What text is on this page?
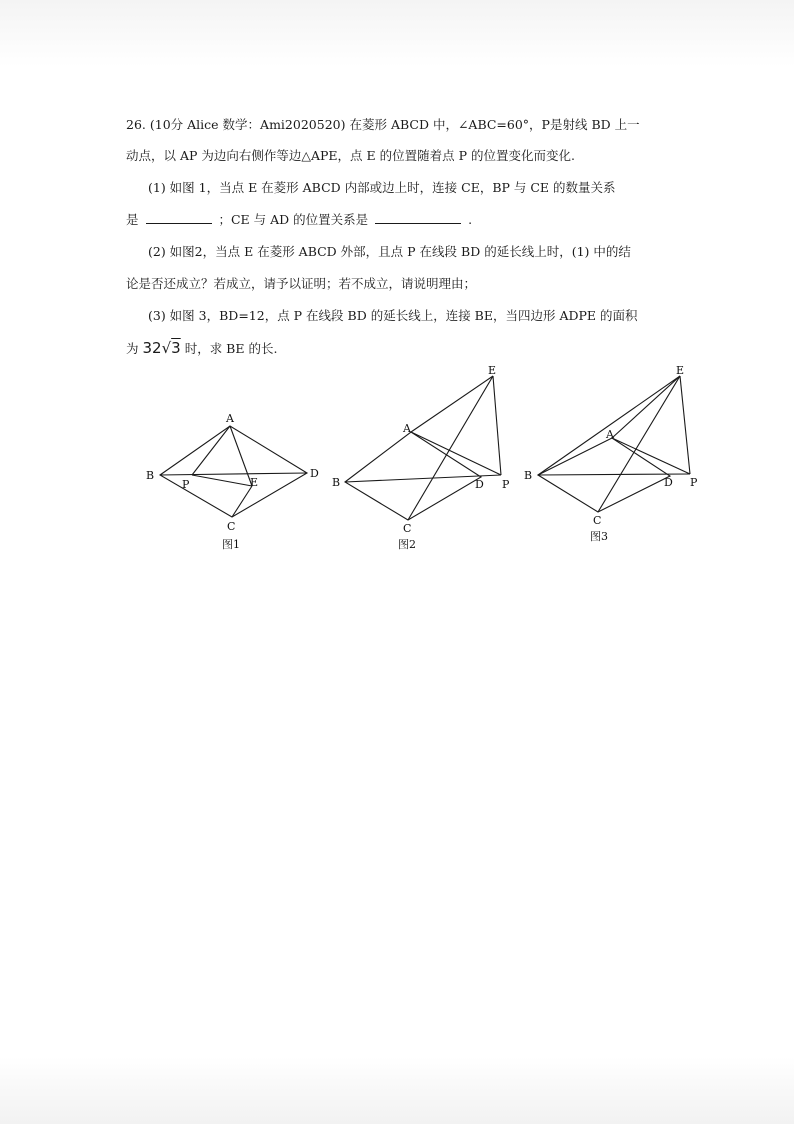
26. (10分 Alice 数学：Ami2020520) 在菱形 ABCD 中，∠ABC=60°，P是射线 BD 上一
动点，以 AP 为边向右侧作等边△APE，点 E 的位置随着点 P 的位置变化而变化.
(1) 如图 1，当点 E 在菱形 ABCD 内部或边上时，连接 CE，BP 与 CE 的数量关系
是	；CE 与 AD 的位置关系是	.
(2) 如图2，当点 E 在菱形 ABCD 外部，且点 P 在线段 BD 的延长线上时，(1) 中的结
论是否还成立？若成立，请予以证明；若不成立，请说明理由；
(3) 如图 3，BD=12，点 P 在线段 BD 的延长线上，连接 BE，当四边形 ADPE 的面积
为 32√3 时，求 BE 的长.
B
A
D
C
P	E
图1
B
A
D P
E
C
图2
B
A
D P
E
C
图3
